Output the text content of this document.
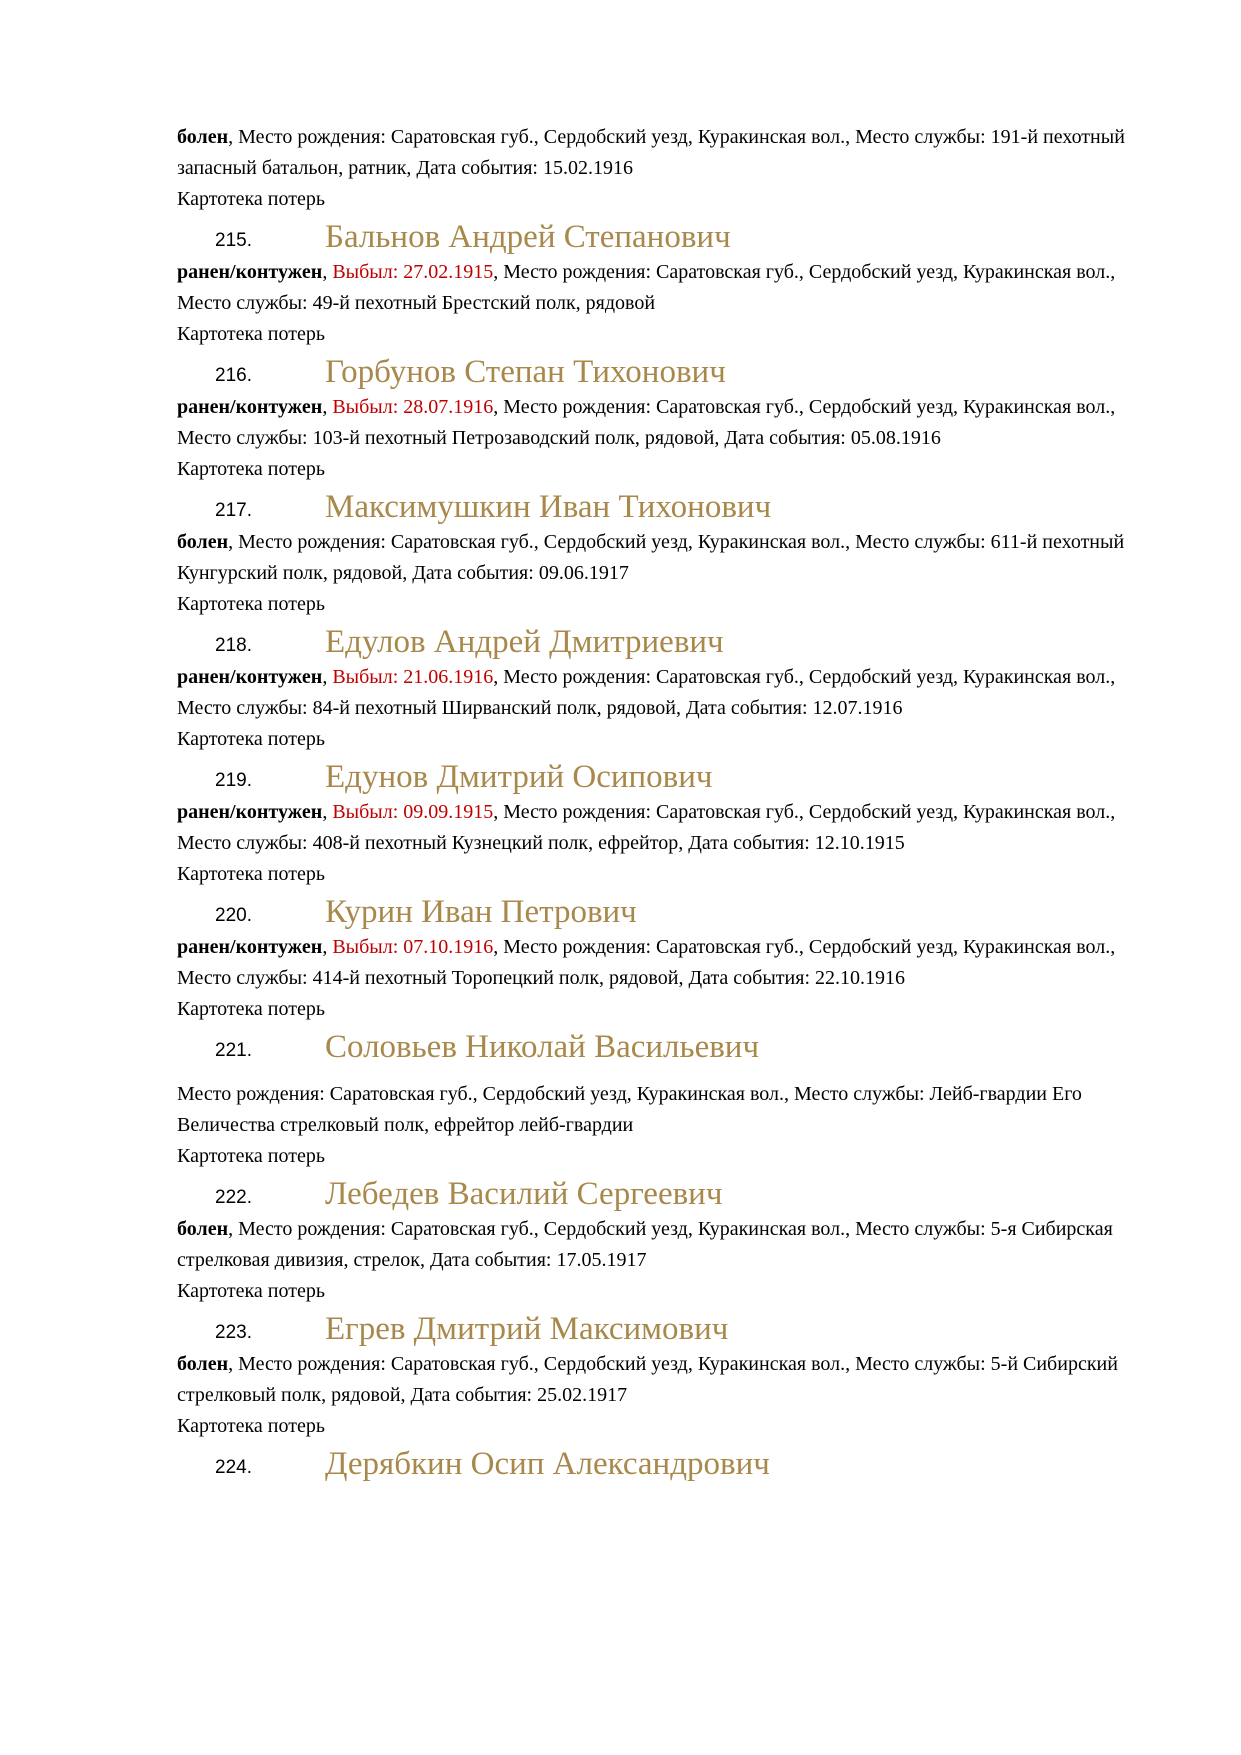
болен, Место рождения: Саратовская губ., Сердобский уезд, Куракинская вол., Место службы: 191-й пехотный запасный батальон, ратник, Дата события: 15.02.1916

Картотека потерь

215.	Бальнов Андрей Степанович

ранен/контужен, Выбыл: 27.02.1915, Место рождения: Саратовская губ., Сердобский уезд, Куракинская вол., Место службы: 49-й пехотный Брестский полк, рядовой

Картотека потерь

216.	Горбунов Степан Тихонович

ранен/контужен, Выбыл: 28.07.1916, Место рождения: Саратовская губ., Сердобский уезд, Куракинская вол., Место службы: 103-й пехотный Петрозаводский полк, рядовой, Дата события: 05.08.1916

Картотека потерь

217.	Максимушкин Иван Тихонович

болен, Место рождения: Саратовская губ., Сердобский уезд, Куракинская вол., Место службы: 611-й пехотный Кунгурский полк, рядовой, Дата события: 09.06.1917

Картотека потерь

218.	Едулов Андрей Дмитриевич

ранен/контужен, Выбыл: 21.06.1916, Место рождения: Саратовская губ., Сердобский уезд, Куракинская вол., Место службы: 84-й пехотный Ширванский полк, рядовой, Дата события: 12.07.1916

Картотека потерь

219.	Едунов Дмитрий Осипович

ранен/контужен, Выбыл: 09.09.1915, Место рождения: Саратовская губ., Сердобский уезд, Куракинская вол., Место службы: 408-й пехотный Кузнецкий полк, ефрейтор, Дата события: 12.10.1915

Картотека потерь

220.	Курин Иван Петрович

ранен/контужен, Выбыл: 07.10.1916, Место рождения: Саратовская губ., Сердобский уезд, Куракинская вол., Место службы: 414-й пехотный Торопецкий полк, рядовой, Дата события: 22.10.1916

Картотека потерь

221.	Соловьев Николай Васильевич

Место рождения: Саратовская губ., Сердобский уезд, Куракинская вол., Место службы: Лейб-гвардии Его Величества стрелковый полк, ефрейтор лейб-гвардии

Картотека потерь

222.	Лебедев Василий Сергеевич

болен, Место рождения: Саратовская губ., Сердобский уезд, Куракинская вол., Место службы: 5-я Сибирская стрелковая дивизия, стрелок, Дата события: 17.05.1917

Картотека потерь

223.	Егрев Дмитрий Максимович

болен, Место рождения: Саратовская губ., Сердобский уезд, Куракинская вол., Место службы: 5-й Сибирский стрелковый полк, рядовой, Дата события: 25.02.1917

Картотека потерь

224.	Дерябкин Осип Александрович
